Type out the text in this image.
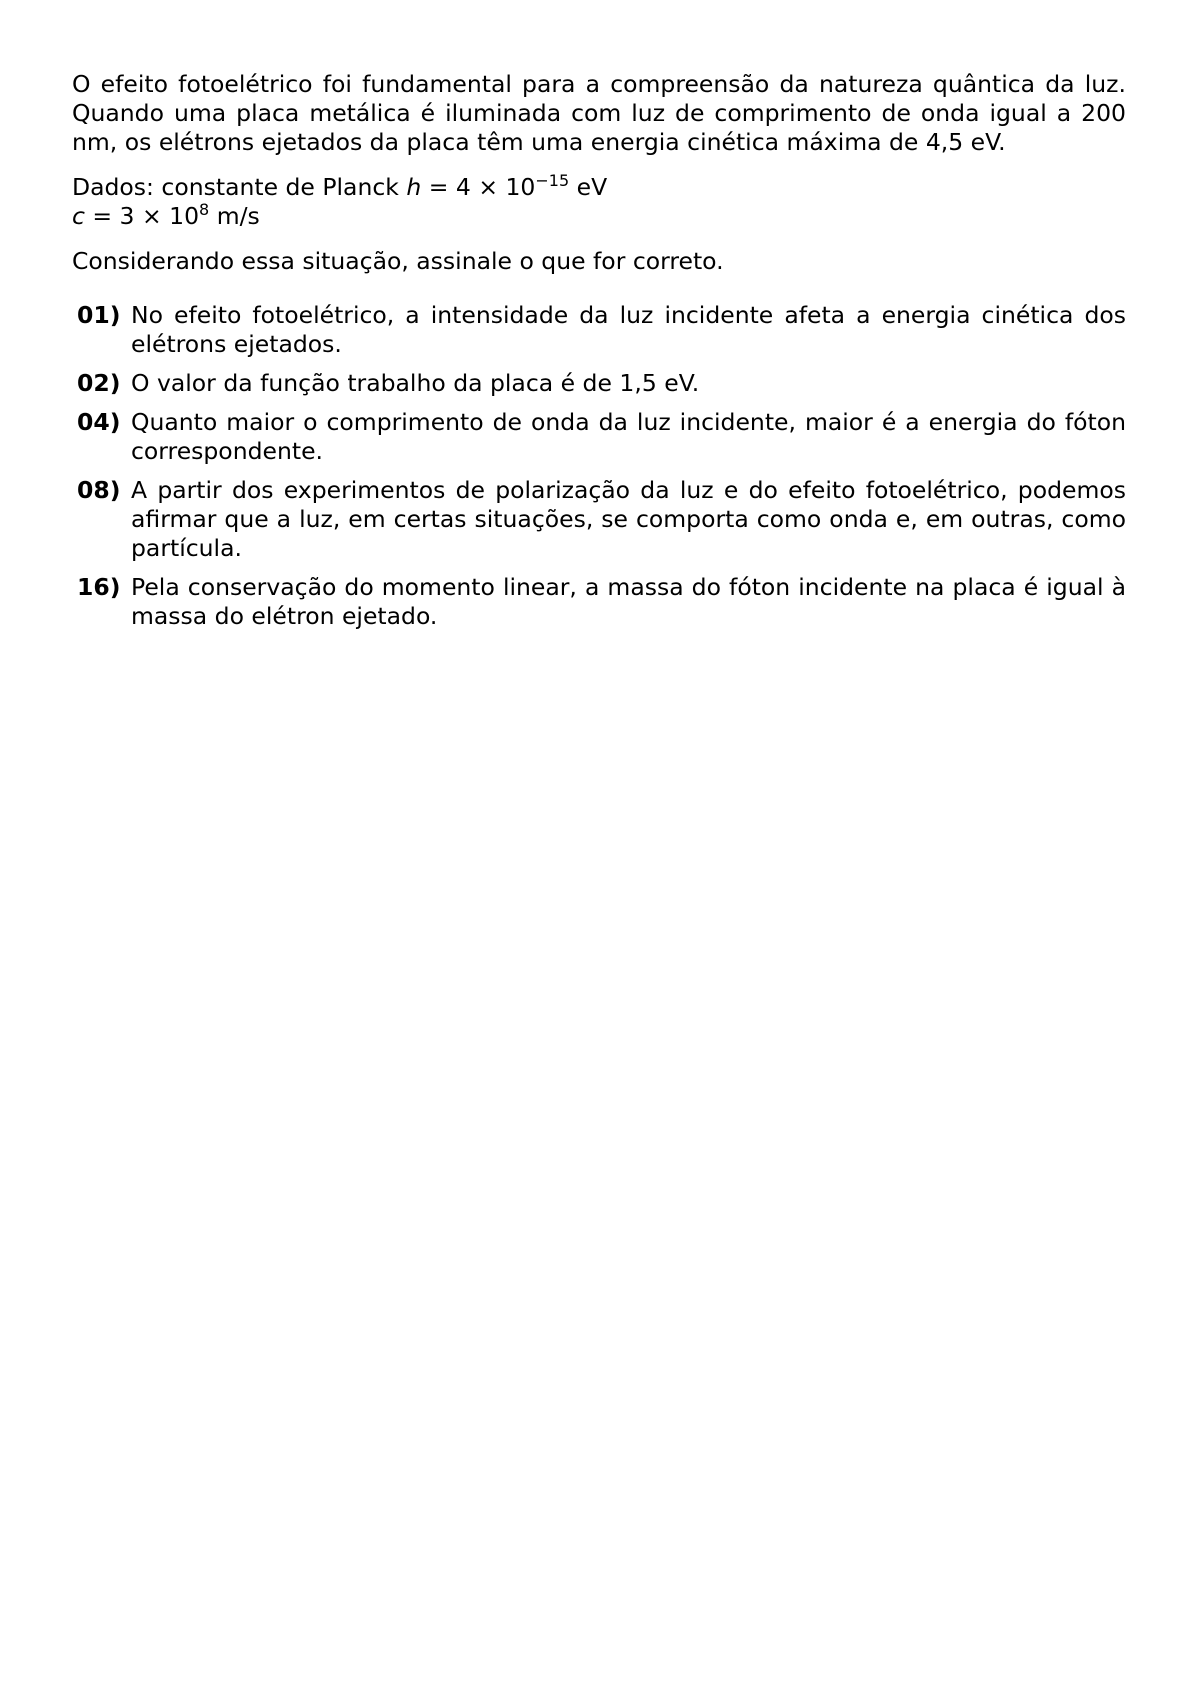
O efeito fotoelétrico foi fundamental para a compreensão da natureza quântica da luz. Quando uma placa metálica é iluminada com luz de comprimento de onda igual a 200 nm, os elétrons ejetados da placa têm uma energia cinética máxima de 4,5 eV.

Dados: constante de Planck $h = 4 \times 10^{-15}$ eV
$c = 3 \times 10^8$ m/s

Considerando essa situação, assinale o que for correto.

01) No efeito fotoelétrico, a intensidade da luz incidente afeta a energia cinética dos elétrons ejetados.
02) O valor da função trabalho da placa é de 1,5 eV.
04) Quanto maior o comprimento de onda da luz incidente, maior é a energia do fóton correspondente.
08) A partir dos experimentos de polarização da luz e do efeito fotoelétrico, podemos afirmar que a luz, em certas situações, se comporta como onda e, em outras, como partícula.
16) Pela conservação do momento linear, a massa do fóton incidente na placa é igual à massa do elétron ejetado.
